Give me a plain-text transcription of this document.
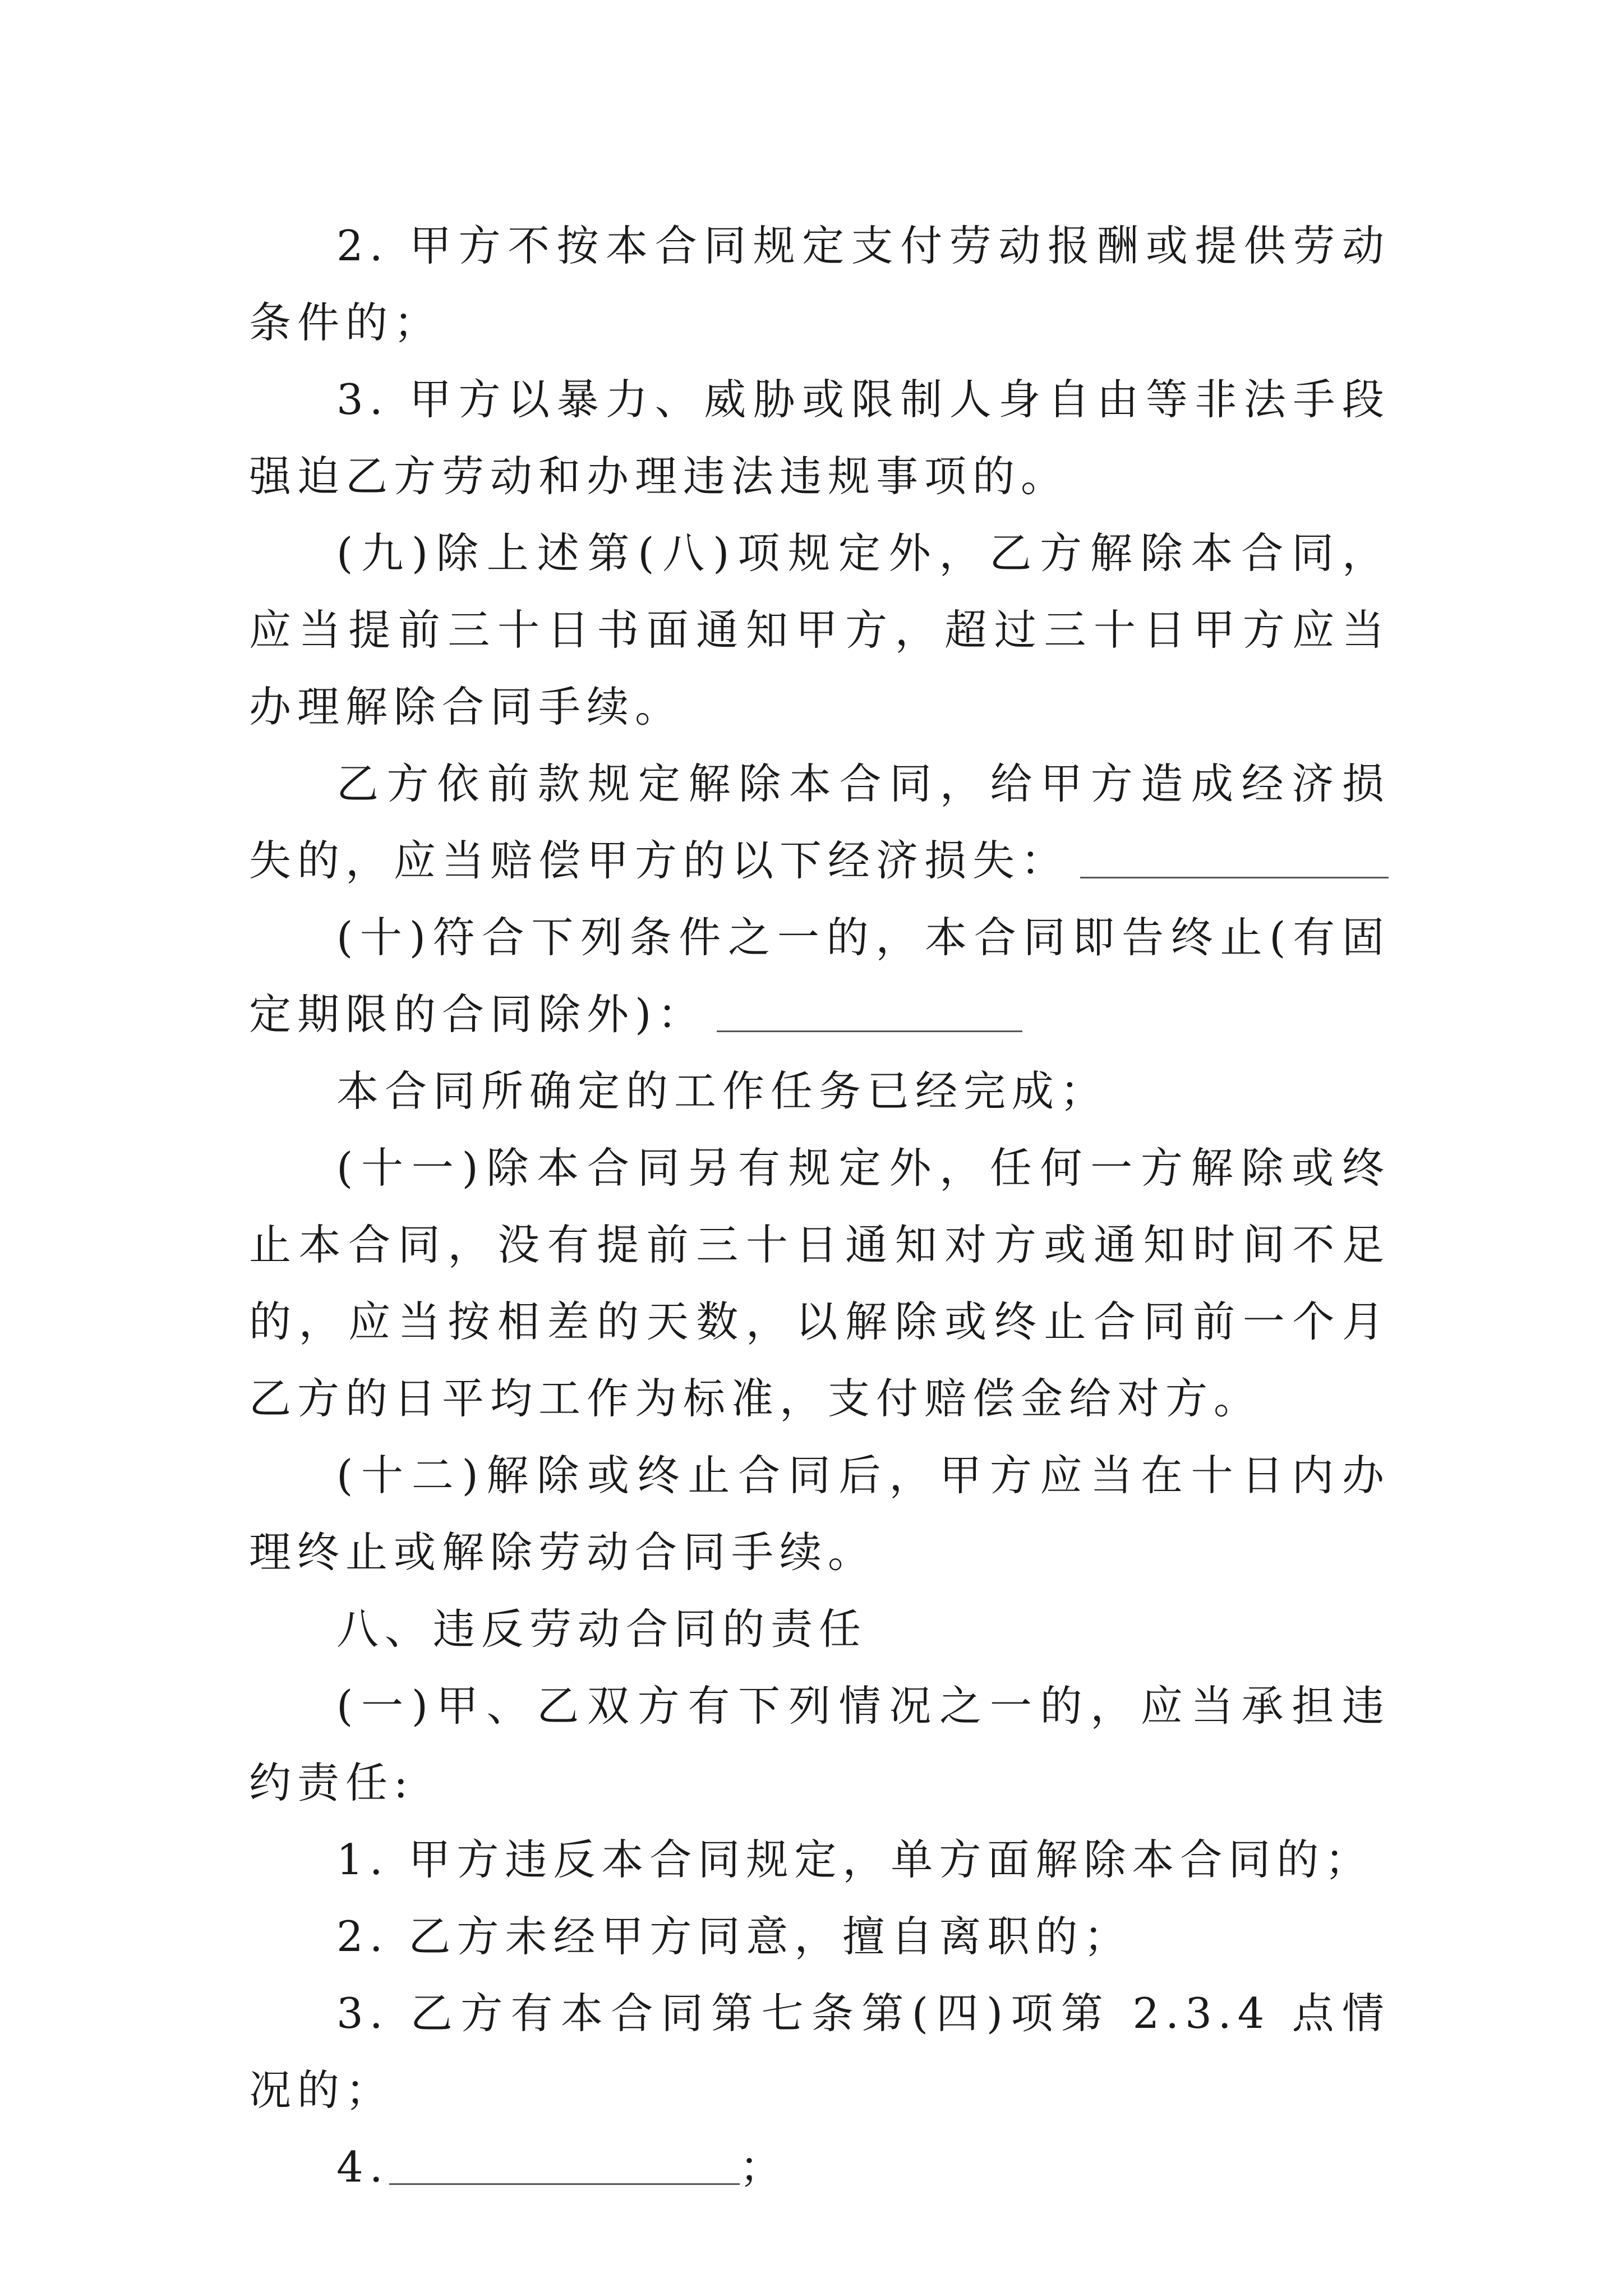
2. 甲方不按本合同规定支付劳动报酬或提供劳动条件的；

3. 甲方以暴力、威胁或限制人身自由等非法手段强迫乙方劳动和办理违法违规事项的。

(九)除上述第(八)项规定外，乙方解除本合同，应当提前三十日书面通知甲方，超过三十日甲方应当办理解除合同手续。

乙方依前款规定解除本合同，给甲方造成经济损失的，应当赔偿甲方的以下经济损失：

(十)符合下列条件之一的，本合同即告终止(有固定期限的合同除外)：

本合同所确定的工作任务已经完成；

(十一)除本合同另有规定外，任何一方解除或终止本合同，没有提前三十日通知对方或通知时间不足的，应当按相差的天数，以解除或终止合同前一个月乙方的日平均工作为标准，支付赔偿金给对方。

(十二)解除或终止合同后，甲方应当在十日内办理终止或解除劳动合同手续。

八、违反劳动合同的责任

(一)甲、乙双方有下列情况之一的，应当承担违约责任:

1. 甲方违反本合同规定，单方面解除本合同的；

2. 乙方未经甲方同意，擅自离职的；

3. 乙方有本合同第七条第(四)项第 2.3.4 点情况的；

4.	；
